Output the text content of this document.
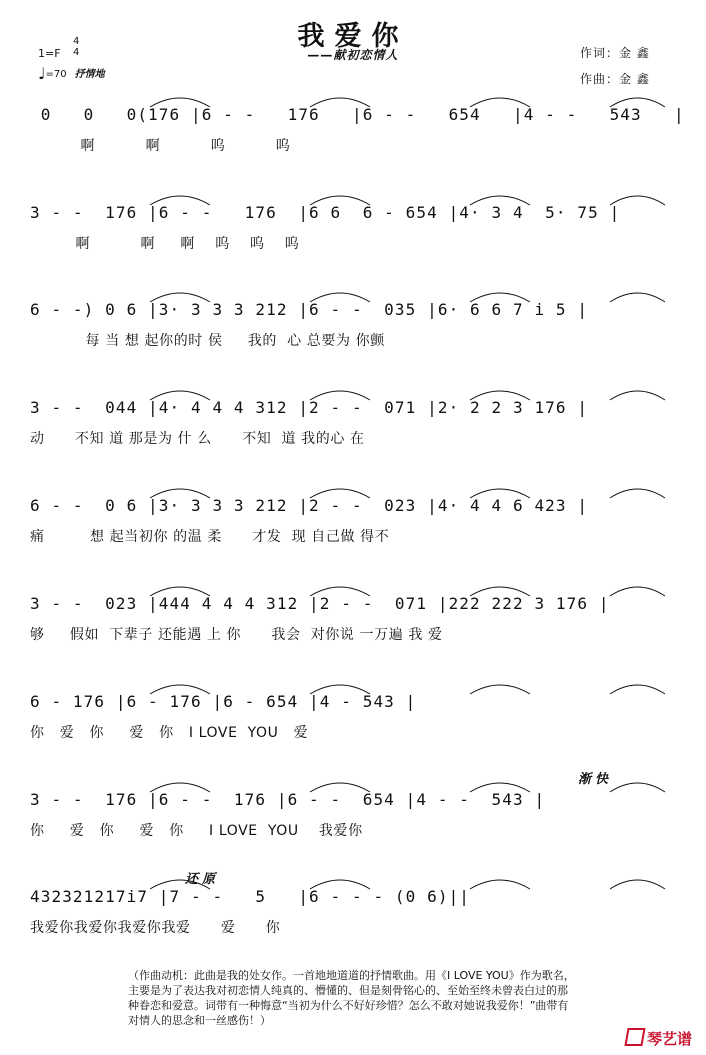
我爱你
——献初恋情人	作词：金 鑫
作曲：金 鑫
1=F
4
4
♩=70 抒情地
0   0   0(176 |6 - -   176   |6 - -   654   |4 - -   543   |
啊          啊          呜          呜
3 - -  176 |6 - -   176  |6 6  6 - 654 |4· 3 4  5· 75 |
啊          啊     啊    呜    呜    呜
6 - -) 0 6 |3· 3 3 3 212 |6 - -  035 |6· 6 6 7 i 5 |
每 当 想 起你的时 侯     我的  心 总要为 你颤
3 - -  044 |4· 4 4 4 312 |2 - -  071 |2· 2 2 3 176 |
动      不知 道 那是为 什 么      不知  道 我的心 在
6 - -  0 6 |3· 3 3 3 212 |2 - -  023 |4· 4 4 6 423 |
痛         想 起当初你 的温 柔      才发  现 自己做 得不
3 - -  023 |444 4 4 4 312 |2 - -  071 |222 222 3 176 |
够     假如  下辈子 还能遇 上 你      我会  对你说 一万遍 我 爱
6 - 176 |6 - 176 |6 - 654 |4 - 543 |
你   爱   你     爱   你   I LOVE  YOU   爱
3 - -  176 |6 - -  176 |6 - -  654 |4 - -  543 |
你     爱   你     爱   你     I LOVE  YOU    我爱你
432321217i7 |7 - -   5   |6 - - - (0 6)||
我爱你我爱你我爱你我爱      爱      你
渐快
还原
（作曲动机：此曲是我的处女作。一首地地道道的抒情歌曲。用《I LOVE YOU》作为歌名，主要是为了表达我对初恋情人纯真的、懵懂的、但是刻骨铭心的、至始至终未曾表白过的那种眷恋和爱意。词带有一种悔意“当初为什么不好好珍惜？怎么不敢对她说我爱你！”曲带有对情人的思念和一丝感伤！）
琴艺谱
